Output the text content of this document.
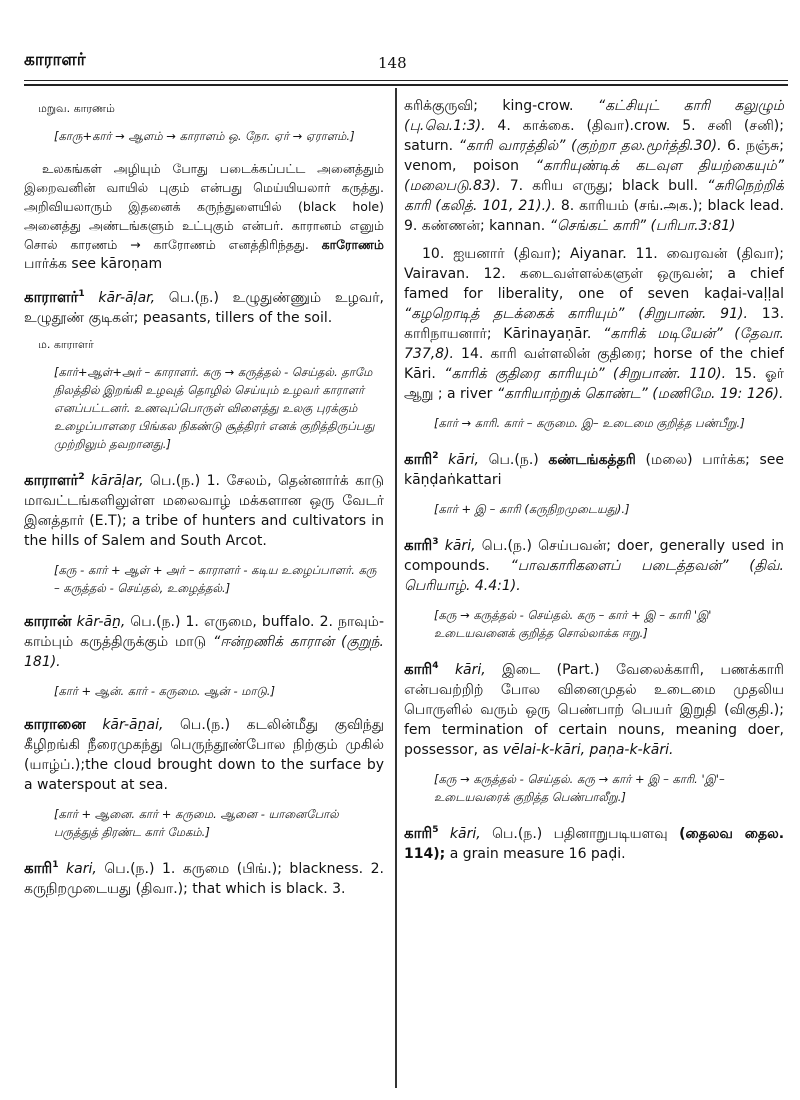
காராளர்	148
மறுவ. காரணம்
[காரு+கார் → ஆளம் → காராளம் ஒ. நோ. ஏர் → ஏராளம்.]

உலகங்கள் அழியும் போது படைக்கப்பட்ட அனைத்தும் இறைவனின் வாயில் புகும் என்பது மெய்யியலார் கருத்து. அறிவியலாரும் இதனைக் கருந்துளையில் (black hole) அனைத்து அண்டங்களும் உட்புகும் என்பர். காரானம் எனும் சொல் காரணம் → காரோணம் எனத்திரிந்தது. காரோணம் பார்க்க see kāroṇam

காராளர்$^1$ kār-āḷar, பெ.(ந.) உழுதுண்ணும் உழவர், உழுதூண் குடிகள்; peasants, tillers of the soil.

ம. காராளர்
[கார்+ஆள்+அர் – காராளர். கரு → கருத்தல் - செய்தல். தாமே நிலத்தில் இறங்கி உழவுத் தொழில் செய்யும் உழவர் காராளர் எனப்பட்டனர். உணவுப்பொருள் விளைத்து உலகு புரக்கும் உழைப்பாளரை பிங்கல நிகண்டு சூத்திரர் எனக் குறித்திருப்பது முற்றிலும் தவறானது.]

காராளர்$^2$ kārāḷar, பெ.(ந.) 1. சேலம், தென்னார்க் காடு மாவட்டங்களிலுள்ள மலைவாழ் மக்களான ஒரு வேடர் இனத்தார் (E.T); a tribe of hunters and cultivators in the hills of Salem and South Arcot.

[கரு - கார் + ஆள் + அர் – காராளர் - கடிய உழைப்பாளர். கரு – கருத்தல் - செய்தல், உழைத்தல்.]

காரான் kār-āṉ, பெ.(ந.) 1. எருமை, buffalo. 2. நாவும்-காம்பும் கருத்திருக்கும் மாடு “ஈன்றணிக் காரான் (குறுந். 181).

[கார் + ஆன். கார் - கருமை. ஆன் - மாடு.]

காரானை kār-āṉai, பெ.(ந.) கடலின்மீது குவிந்து கீழிறங்கி நீரைமுகந்து பெருந்தூண்போல நிற்கும் முகில் (யாழ்ப்.);the cloud brought down to the surface by a waterspout at sea.

[கார் + ஆனை. கார் + கருமை. ஆனை - யானைபோல் பருத்துத் திரண்ட கார் மேகம்.]

காரி$^1$ kari, பெ.(ந.) 1. கருமை (பிங்.); blackness. 2. கருநிறமுடையது (திவா.); that which is black. 3.

கரிக்குருவி; king-crow. “கட்சியுட் காரி கலுழும் (பு.வெ.1:3). 4. காக்கை. (திவா).crow. 5. சனி (சனி); saturn. “காரி வாரத்தில்” (குற்றா தல.மூர்த்தி.30). 6. நஞ்சு; venom, poison “காரியுண்டிக் கடவுள தியற்கையும்” (மலைபடு.83). 7. கரிய எருது; black bull. “சுரிநெற்றிக் காரி (கலித். 101, 21).). 8. காரியம் (சங்.அக.); black lead. 9. கண்ணன்; kannan. “செங்கட் காரி” (பரிபா.3:81)

10. ஐயனார் (திவா); Aiyanar. 11. வைரவன் (திவா); Vairavan. 12. கடைவள்ளல்களுள் ஒருவன்; a chief famed for liberality, one of seven kaḍai-vaḷḷal “கழறொடித் தடக்கைக் காரியும்” (சிறுபாண். 91). 13. காரிநாயனார்; Kārinayaṇār. “காரிக் மடியேன்” (தேவா. 737,8). 14. காரி வள்ளலின் குதிரை; horse of the chief Kāri. “காரிக் குதிரை காரியும்” (சிறுபாண். 110). 15. ஓர் ஆறு ; a river “காரியாற்றுக் கொண்ட” (மணிமே. 19: 126).

[கார் → காரி. கார் – கருமை. இ– உடைமை குறித்த பண்பீறு.]

காரி$^2$ kāri, பெ.(ந.) கண்டங்கத்தரி (மலை) பார்க்க; see kāṇḍaṅkattari

[கார் + இ – காரி (கருநிறமுடையது).]

காரி$^3$ kāri, பெ.(ந.) செய்பவன்; doer, generally used in compounds. “பாவகாரிகளைப் படைத்தவன்” (திவ். பெரியாழ். 4.4:1).

[கரு → கருத்தல் - செய்தல். கரு – கார் + இ – காரி 'இ' உடையவனைக் குறித்த சொல்லாக்க ஈறு.]

காரி$^4$ kāri, இடை (Part.) வேலைக்காரி, பணக்காரி என்பவற்றிற் போல வினைமுதல் உடைமை முதலிய பொருளில் வரும் ஒரு பெண்பாற் பெயர் இறுதி (விகுதி.); fem termination of certain nouns, meaning doer, possessor, as vēlai-k-kāri, paṇa-k-kāri.

[கரு → கருத்தல் - செய்தல். கரு → கார் + இ – காரி. 'இ'– உடையவரைக் குறித்த பெண்பாலீறு.]

காரி$^5$ kāri, பெ.(ந.) பதினாறுபடியளவு (தைலவ தைல. 114); a grain measure 16 paḍi.
